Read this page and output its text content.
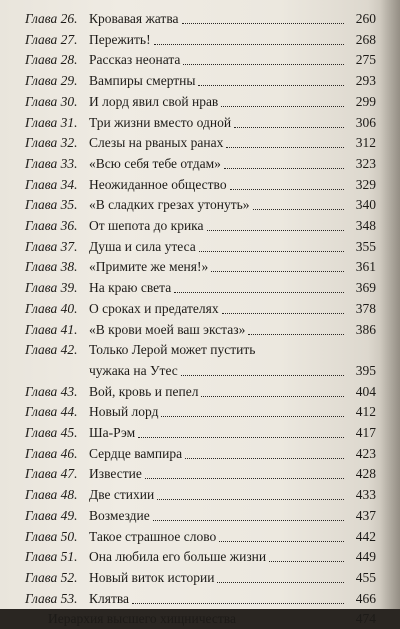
Глава 26. Кровавая жатва	260
Глава 27. Пережить!	268
Глава 28. Рассказ неоната	275
Глава 29. Вампиры смертны	293
Глава 30. И лорд явил свой нрав	299
Глава 31. Три жизни вместо одной	306
Глава 32. Слезы на рваных ранах	312
Глава 33. «Всю себя тебе отдам»	323
Глава 34. Неожиданное общество	329
Глава 35. «В сладких грезах утонуть»	340
Глава 36. От шепота до крика	348
Глава 37. Душа и сила утеса	355
Глава 38. «Примите же меня!»	361
Глава 39. На краю света	369
Глава 40. О сроках и предателях	378
Глава 41. «В крови моей ваш экстаз»	386
Глава 42. Только Лерой может пустить
чужака на Утес	395
Глава 43. Вой, кровь и пепел	404
Глава 44. Новый лорд	412
Глава 45. Ша-Рэм	417
Глава 46. Сердце вампира	423
Глава 47. Известие	428
Глава 48. Две стихии	433
Глава 49. Возмездие	437
Глава 50. Такое страшное слово	442
Глава 51. Она любила его больше жизни	449
Глава 52. Новый виток истории	455
Глава 53. Клятва	466
Иерархия высшего хищничества	474
